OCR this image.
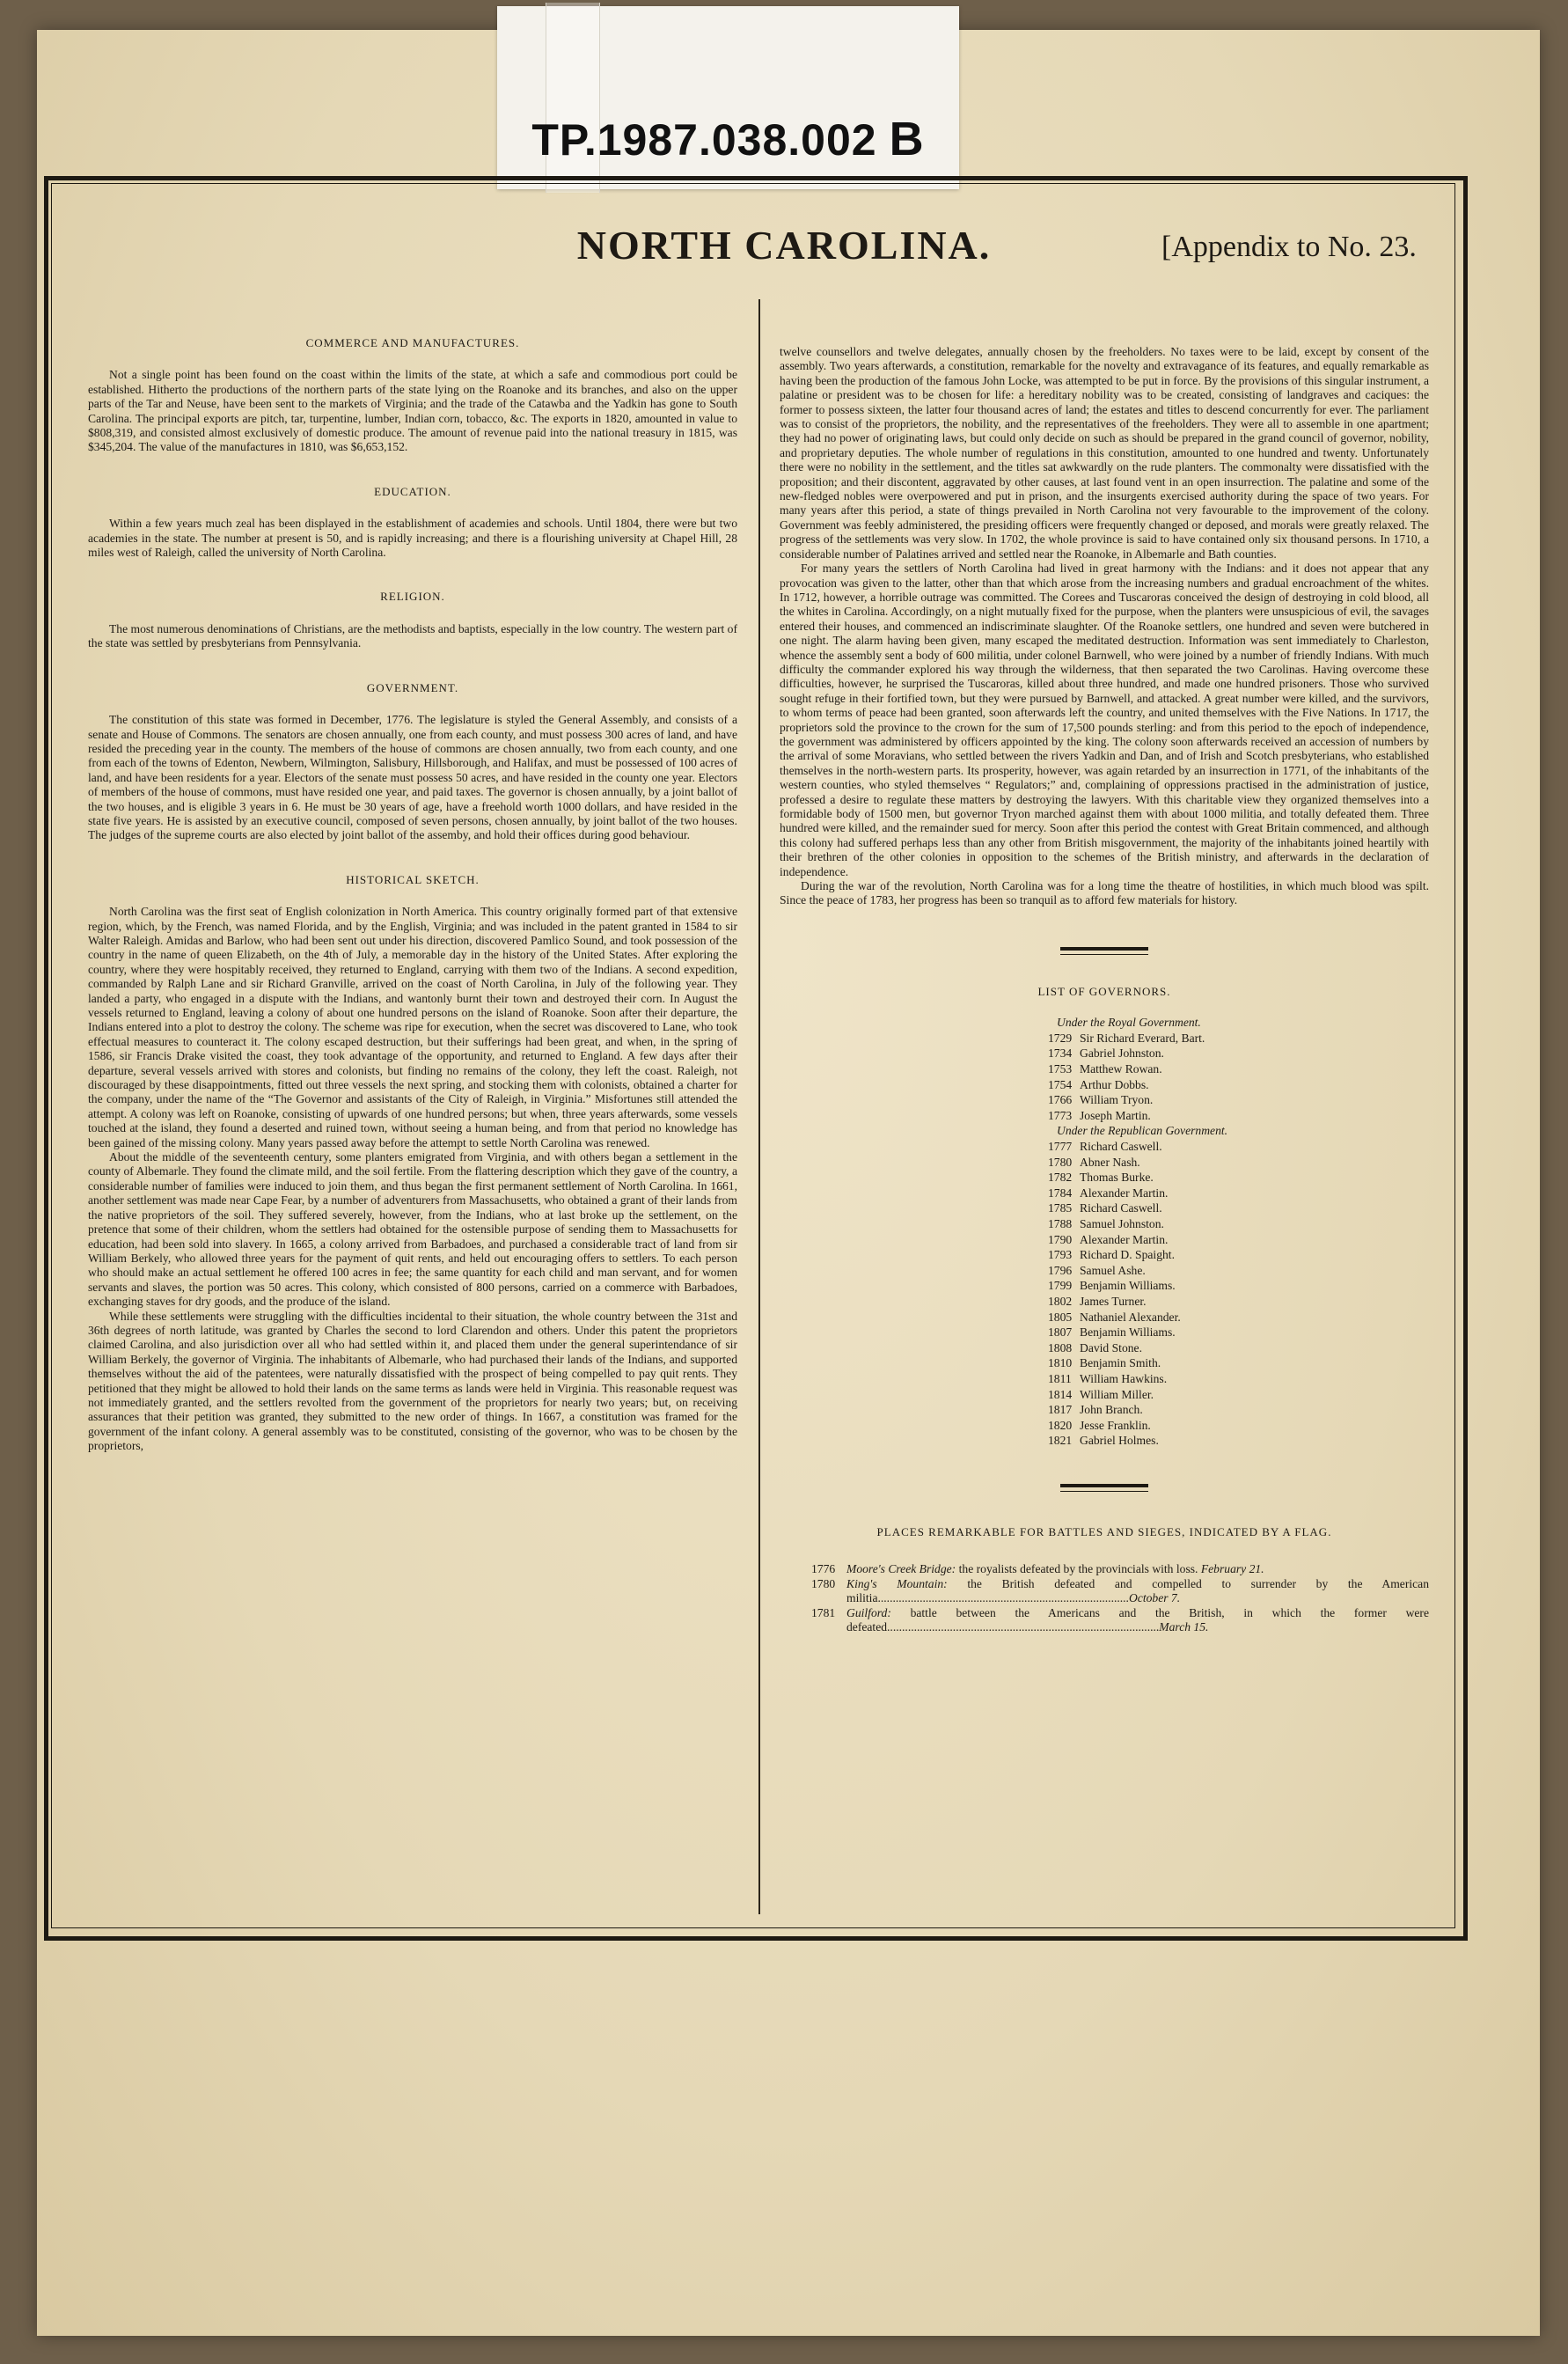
TP.1987.038.002 B
NORTH CAROLINA.	[Appendix to No. 23.
COMMERCE AND MANUFACTURES.

Not a single point has been found on the coast within the limits of the state, at which a safe and commodious port could be established. Hitherto the productions of the northern parts of the state lying on the Roanoke and its branches, and also on the upper parts of the Tar and Neuse, have been sent to the markets of Virginia; and the trade of the Catawba and the Yadkin has gone to South Carolina. The principal exports are pitch, tar, turpentine, lumber, Indian corn, tobacco, &c. The exports in 1820, amounted in value to $808,319, and consisted almost exclusively of domestic produce. The amount of revenue paid into the national treasury in 1815, was $345,204. The value of the manufactures in 1810, was $6,653,152.

EDUCATION.

Within a few years much zeal has been displayed in the establishment of academies and schools. Until 1804, there were but two academies in the state. The number at present is 50, and is rapidly increasing; and there is a flourishing university at Chapel Hill, 28 miles west of Raleigh, called the university of North Carolina.

RELIGION.

The most numerous denominations of Christians, are the methodists and baptists, especially in the low country. The western part of the state was settled by presbyterians from Pennsylvania.

GOVERNMENT.

The constitution of this state was formed in December, 1776. The legislature is styled the General Assembly, and consists of a senate and House of Commons. The senators are chosen annually, one from each county, and must possess 300 acres of land, and have resided the preceding year in the county. The members of the house of commons are chosen annually, two from each county, and one from each of the towns of Edenton, Newbern, Wilmington, Salisbury, Hillsborough, and Halifax, and must be possessed of 100 acres of land, and have been residents for a year. Electors of the senate must possess 50 acres, and have resided in the county one year. Electors of members of the house of commons, must have resided one year, and paid taxes. The governor is chosen annually, by a joint ballot of the two houses, and is eligible 3 years in 6. He must be 30 years of age, have a freehold worth 1000 dollars, and have resided in the state five years. He is assisted by an executive council, composed of seven persons, chosen annually, by joint ballot of the two houses. The judges of the supreme courts are also elected by joint ballot of the assemby, and hold their offices during good behaviour.

HISTORICAL SKETCH.

North Carolina was the first seat of English colonization in North America. This country originally formed part of that extensive region, which, by the French, was named Florida, and by the English, Virginia; and was included in the patent granted in 1584 to sir Walter Raleigh. Amidas and Barlow, who had been sent out under his direction, discovered Pamlico Sound, and took possession of the country in the name of queen Elizabeth, on the 4th of July, a memorable day in the history of the United States. After exploring the country, where they were hospitably received, they returned to England, carrying with them two of the Indians. A second expedition, commanded by Ralph Lane and sir Richard Granville, arrived on the coast of North Carolina, in July of the following year. They landed a party, who engaged in a dispute with the Indians, and wantonly burnt their town and destroyed their corn. In August the vessels returned to England, leaving a colony of about one hundred persons on the island of Roanoke. Soon after their departure, the Indians entered into a plot to destroy the colony. The scheme was ripe for execution, when the secret was discovered to Lane, who took effectual measures to counteract it. The colony escaped destruction, but their sufferings had been great, and when, in the spring of 1586, sir Francis Drake visited the coast, they took advantage of the opportunity, and returned to England. A few days after their departure, several vessels arrived with stores and colonists, but finding no remains of the colony, they left the coast. Raleigh, not discouraged by these disappointments, fitted out three vessels the next spring, and stocking them with colonists, obtained a charter for the company, under the name of the “The Governor and assistants of the City of Raleigh, in Virginia.” Misfortunes still attended the attempt. A colony was left on Roanoke, consisting of upwards of one hundred persons; but when, three years afterwards, some vessels touched at the island, they found a deserted and ruined town, without seeing a human being, and from that period no knowledge has been gained of the missing colony. Many years passed away before the attempt to settle North Carolina was renewed.

About the middle of the seventeenth century, some planters emigrated from Virginia, and with others began a settlement in the county of Albemarle. They found the climate mild, and the soil fertile. From the flattering description which they gave of the country, a considerable number of families were induced to join them, and thus began the first permanent settlement of North Carolina. In 1661, another settlement was made near Cape Fear, by a number of adventurers from Massachusetts, who obtained a grant of their lands from the native proprietors of the soil. They suffered severely, however, from the Indians, who at last broke up the settlement, on the pretence that some of their children, whom the settlers had obtained for the ostensible purpose of sending them to Massachusetts for education, had been sold into slavery. In 1665, a colony arrived from Barbadoes, and purchased a considerable tract of land from sir William Berkely, who allowed three years for the payment of quit rents, and held out encouraging offers to settlers. To each person who should make an actual settlement he offered 100 acres in fee; the same quantity for each child and man servant, and for women servants and slaves, the portion was 50 acres. This colony, which consisted of 800 persons, carried on a commerce with Barbadoes, exchanging staves for dry goods, and the produce of the island.

While these settlements were struggling with the difficulties incidental to their situation, the whole country between the 31st and 36th degrees of north latitude, was granted by Charles the second to lord Clarendon and others. Under this patent the proprietors claimed Carolina, and also jurisdiction over all who had settled within it, and placed them under the general superintendance of sir William Berkely, the governor of Virginia. The inhabitants of Albemarle, who had purchased their lands of the Indians, and supported themselves without the aid of the patentees, were naturally dissatisfied with the prospect of being compelled to pay quit rents. They petitioned that they might be allowed to hold their lands on the same terms as lands were held in Virginia. This reasonable request was not immediately granted, and the settlers revolted from the government of the proprietors for nearly two years; but, on receiving assurances that their petition was granted, they submitted to the new order of things. In 1667, a constitution was framed for the government of the infant colony. A general assembly was to be constituted, consisting of the governor, who was to be chosen by the proprietors,

twelve counsellors and twelve delegates, annually chosen by the freeholders. No taxes were to be laid, except by consent of the assembly. Two years afterwards, a constitution, remarkable for the novelty and extravagance of its features, and equally remarkable as having been the production of the famous John Locke, was attempted to be put in force. By the provisions of this singular instrument, a palatine or president was to be chosen for life: a hereditary nobility was to be created, consisting of landgraves and caciques: the former to possess sixteen, the latter four thousand acres of land; the estates and titles to descend concurrently for ever. The parliament was to consist of the proprietors, the nobility, and the representatives of the freeholders. They were all to assemble in one apartment; they had no power of originating laws, but could only decide on such as should be prepared in the grand council of governor, nobility, and proprietary deputies. The whole number of regulations in this constitution, amounted to one hundred and twenty. Unfortunately there were no nobility in the settlement, and the titles sat awkwardly on the rude planters. The commonalty were dissatisfied with the proposition; and their discontent, aggravated by other causes, at last found vent in an open insurrection. The palatine and some of the new-fledged nobles were overpowered and put in prison, and the insurgents exercised authority during the space of two years. For many years after this period, a state of things prevailed in North Carolina not very favourable to the improvement of the colony. Government was feebly administered, the presiding officers were frequently changed or deposed, and morals were greatly relaxed. The progress of the settlements was very slow. In 1702, the whole province is said to have contained only six thousand persons. In 1710, a considerable number of Palatines arrived and settled near the Roanoke, in Albemarle and Bath counties.

For many years the settlers of North Carolina had lived in great harmony with the Indians: and it does not appear that any provocation was given to the latter, other than that which arose from the increasing numbers and gradual encroachment of the whites. In 1712, however, a horrible outrage was committed. The Corees and Tuscaroras conceived the design of destroying in cold blood, all the whites in Carolina. Accordingly, on a night mutually fixed for the purpose, when the planters were unsuspicious of evil, the savages entered their houses, and commenced an indiscriminate slaughter. Of the Roanoke settlers, one hundred and seven were butchered in one night. The alarm having been given, many escaped the meditated destruction. Information was sent immediately to Charleston, whence the assembly sent a body of 600 militia, under colonel Barnwell, who were joined by a number of friendly Indians. With much difficulty the commander explored his way through the wilderness, that then separated the two Carolinas. Having overcome these difficulties, however, he surprised the Tuscaroras, killed about three hundred, and made one hundred prisoners. Those who survived sought refuge in their fortified town, but they were pursued by Barnwell, and attacked. A great number were killed, and the survivors, to whom terms of peace had been granted, soon afterwards left the country, and united themselves with the Five Nations. In 1717, the proprietors sold the province to the crown for the sum of 17,500 pounds sterling: and from this period to the epoch of independence, the government was administered by officers appointed by the king. The colony soon afterwards received an accession of numbers by the arrival of some Moravians, who settled between the rivers Yadkin and Dan, and of Irish and Scotch presbyterians, who established themselves in the north-western parts. Its prosperity, however, was again retarded by an insurrection in 1771, of the inhabitants of the western counties, who styled themselves “ Regulators;” and, complaining of oppressions practised in the administration of justice, professed a desire to regulate these matters by destroying the lawyers. With this charitable view they organized themselves into a formidable body of 1500 men, but governor Tryon marched against them with about 1000 militia, and totally defeated them. Three hundred were killed, and the remainder sued for mercy. Soon after this period the contest with Great Britain commenced, and although this colony had suffered perhaps less than any other from British misgovernment, the majority of the inhabitants joined heartily with their brethren of the other colonies in opposition to the schemes of the British ministry, and afterwards in the declaration of independence.

During the war of the revolution, North Carolina was for a long time the theatre of hostilities, in which much blood was spilt. Since the peace of 1783, her progress has been so tranquil as to afford few materials for history.

LIST OF GOVERNORS.
Under the Royal Government.
1729 Sir Richard Everard, Bart.
1734 Gabriel Johnston.
1753 Matthew Rowan.
1754 Arthur Dobbs.
1766 William Tryon.
1773 Joseph Martin.
Under the Republican Government.
1777 Richard Caswell.
1780 Abner Nash.
1782 Thomas Burke.
1784 Alexander Martin.
1785 Richard Caswell.
1788 Samuel Johnston.
1790 Alexander Martin.
1793 Richard D. Spaight.
1796 Samuel Ashe.
1799 Benjamin Williams.
1802 James Turner.
1805 Nathaniel Alexander.
1807 Benjamin Williams.
1808 David Stone.
1810 Benjamin Smith.
1811 William Hawkins.
1814 William Miller.
1817 John Branch.
1820 Jesse Franklin.
1821 Gabriel Holmes.
PLACES REMARKABLE FOR BATTLES AND SIEGES, INDICATED BY A FLAG.
1776 Moore's Creek Bridge: the royalists defeated by the provincials with loss. February 21.
1780 King's Mountain: the British defeated and compelled to surrender by the American militia....................................................................................October 7.
1781 Guilford: battle between the Americans and the British, in which the former were defeated...........................................................................................March 15.
